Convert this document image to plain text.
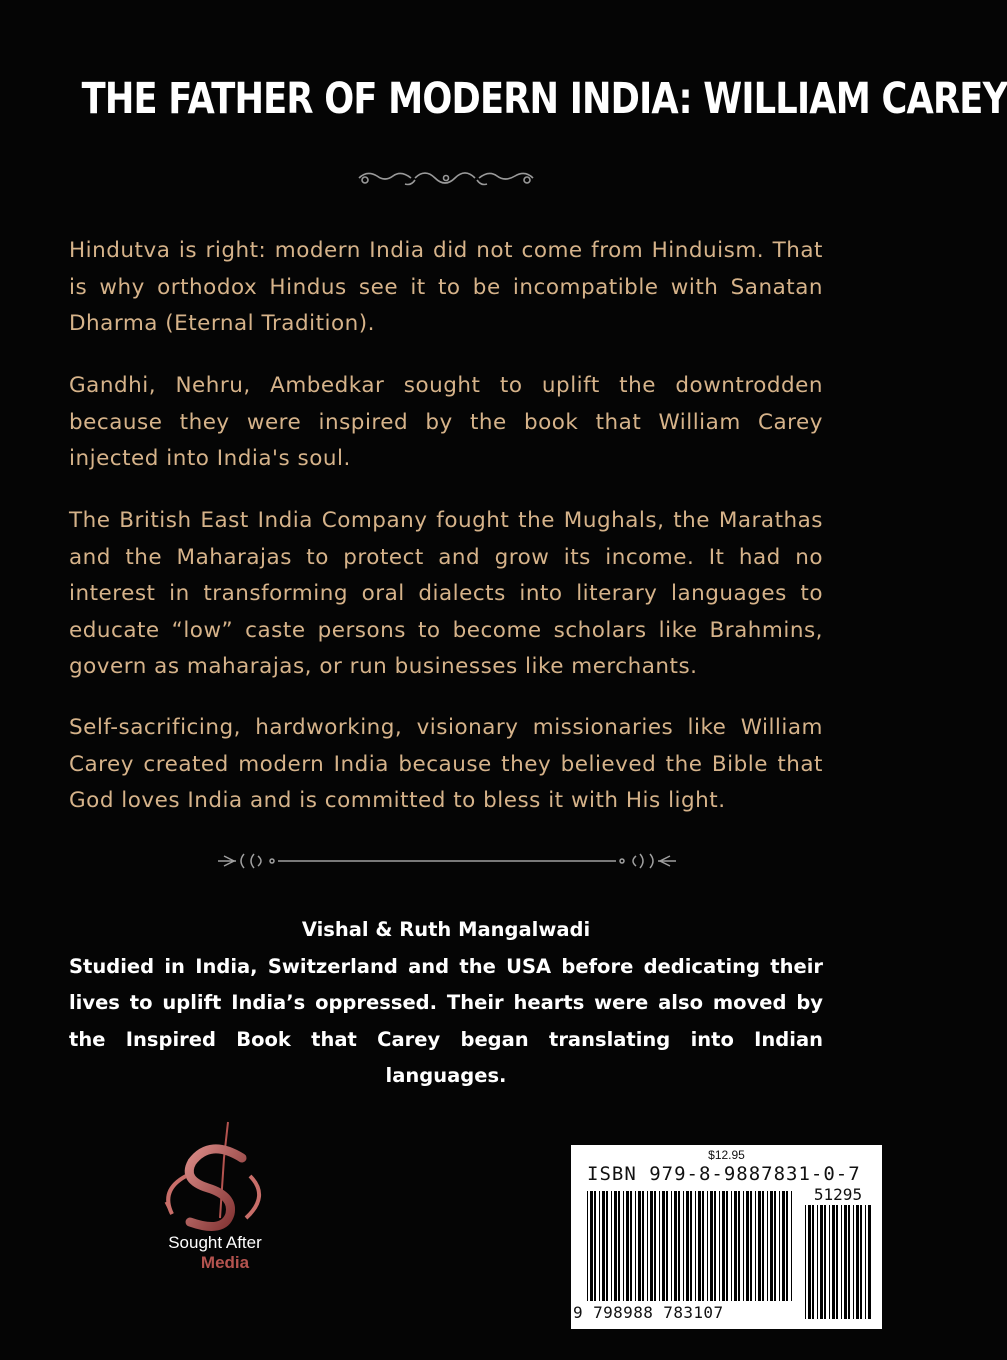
THE FATHER OF MODERN INDIA: WILLIAM CAREY
Hindutva is right: modern India did not come from Hinduism. That is why orthodox Hindus see it to be incompatible with Sanatan Dharma (Eternal Tradition).
Gandhi, Nehru, Ambedkar sought to uplift the downtrodden because they were inspired by the book that William Carey injected into India's soul.
The British East India Company fought the Mughals, the Marathas and the Maharajas to protect and grow its income. It had no interest in transforming oral dialects into literary languages to educate “low” caste persons to become scholars like Brahmins, govern as maharajas, or run businesses like merchants.
Self-sacrificing, hardworking, visionary missionaries like William Carey created modern India because they believed the Bible that God loves India and is committed to bless it with His light.
Vishal & Ruth Mangalwadi
Studied in India, Switzerland and the USA before dedicating their lives to uplift India’s oppressed. Their hearts were also moved by the Inspired Book that Carey began translating into Indian languages.
Sought After
Media
$12.95
ISBN 979-8-9887831-0-7
51295
9 798988 783107
